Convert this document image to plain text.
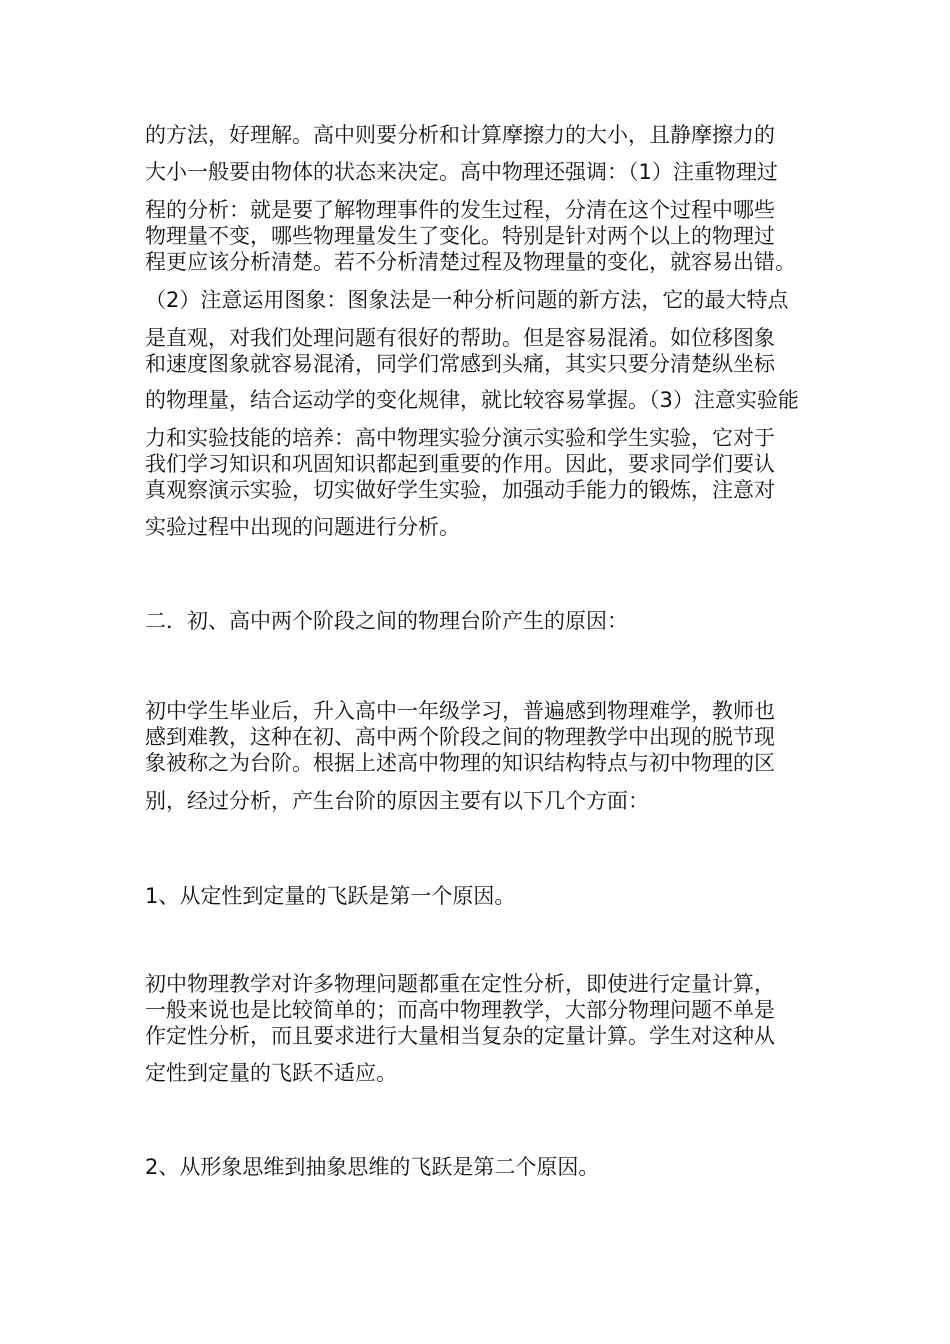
的方法，好理解。高中则要分析和计算摩擦力的大小，且静摩擦力的

大小一般要由物体的状态来决定。高中物理还强调：（1）注重物理过

程的分析：就是要了解物理事件的发生过程，分清在这个过程中哪些

物理量不变，哪些物理量发生了变化。特别是针对两个以上的物理过

程更应该分析清楚。若不分析清楚过程及物理量的变化，就容易出错。

（2）注意运用图象：图象法是一种分析问题的新方法，它的最大特点

是直观，对我们处理问题有很好的帮助。但是容易混淆。如位移图象

和速度图象就容易混淆，同学们常感到头痛，其实只要分清楚纵坐标

的物理量，结合运动学的变化规律，就比较容易掌握。（3）注意实验能

力和实验技能的培养：高中物理实验分演示实验和学生实验，它对于

我们学习知识和巩固知识都起到重要的作用。因此，要求同学们要认

真观察演示实验，切实做好学生实验，加强动手能力的锻炼，注意对

实验过程中出现的问题进行分析。

二．初、高中两个阶段之间的物理台阶产生的原因：

初中学生毕业后，升入高中一年级学习，普遍感到物理难学，教师也

感到难教，这种在初、高中两个阶段之间的物理教学中出现的脱节现

象被称之为台阶。根据上述高中物理的知识结构特点与初中物理的区

别，经过分析，产生台阶的原因主要有以下几个方面：

1、从定性到定量的飞跃是第一个原因。

初中物理教学对许多物理问题都重在定性分析，即使进行定量计算，

一般来说也是比较简单的；而高中物理教学，大部分物理问题不单是

作定性分析，而且要求进行大量相当复杂的定量计算。学生对这种从

定性到定量的飞跃不适应。

2、从形象思维到抽象思维的飞跃是第二个原因。
